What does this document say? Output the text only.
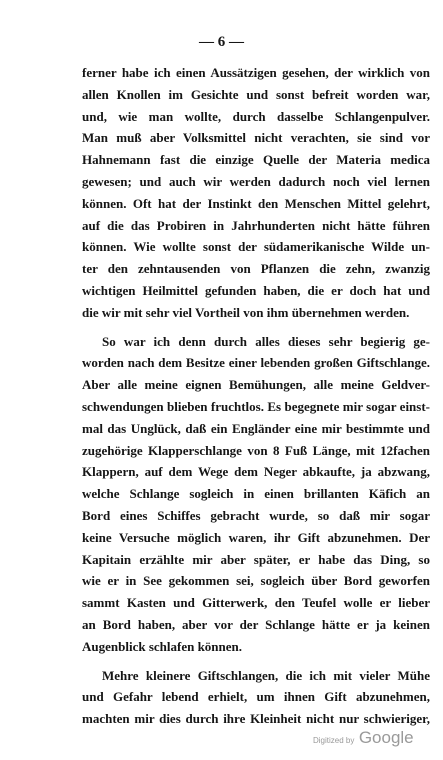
— 6 —
ferner habe ich einen Aussätzigen gesehen, der wirklich von
allen Knollen im Gesichte und sonst befreit worden war,
und, wie man wollte, durch dasselbe Schlangenpulver.
Man muß aber Volksmittel nicht verachten, sie sind vor
Hahnemann fast die einzige Quelle der Materia medica
gewesen; und auch wir werden dadurch noch viel lernen
können. Oft hat der Instinkt den Menschen Mittel gelehrt,
auf die das Probiren in Jahrhunderten nicht hätte führen
können. Wie wollte sonst der südamerikanische Wilde un-
ter den zehntausenden von Pflanzen die zehn, zwanzig
wichtigen Heilmittel gefunden haben, die er doch hat und
die wir mit sehr viel Vortheil von ihm übernehmen werden.
So war ich denn durch alles dieses sehr begierig ge-
worden nach dem Besitze einer lebenden großen Giftschlange.
Aber alle meine eignen Bemühungen, alle meine Geldver-
schwendungen blieben fruchtlos. Es begegnete mir sogar einst-
mal das Unglück, daß ein Engländer eine mir bestimmte und
zugehörige Klapperschlange von 8 Fuß Länge, mit 12fachen
Klappern, auf dem Wege dem Neger abkaufte, ja abzwang,
welche Schlange sogleich in einen brillanten Käfich an
Bord eines Schiffes gebracht wurde, so daß mir sogar
keine Versuche möglich waren, ihr Gift abzunehmen. Der
Kapitain erzählte mir aber später, er habe das Ding, so
wie er in See gekommen sei, sogleich über Bord geworfen
sammt Kasten und Gitterwerk, den Teufel wolle er lieber
an Bord haben, aber vor der Schlange hätte er ja keinen
Augenblick schlafen können.
Mehre kleinere Giftschlangen, die ich mit vieler Mühe
und Gefahr lebend erhielt, um ihnen Gift abzunehmen,
machten mir dies durch ihre Kleinheit nicht nur schwieriger,
Digitized by Google
